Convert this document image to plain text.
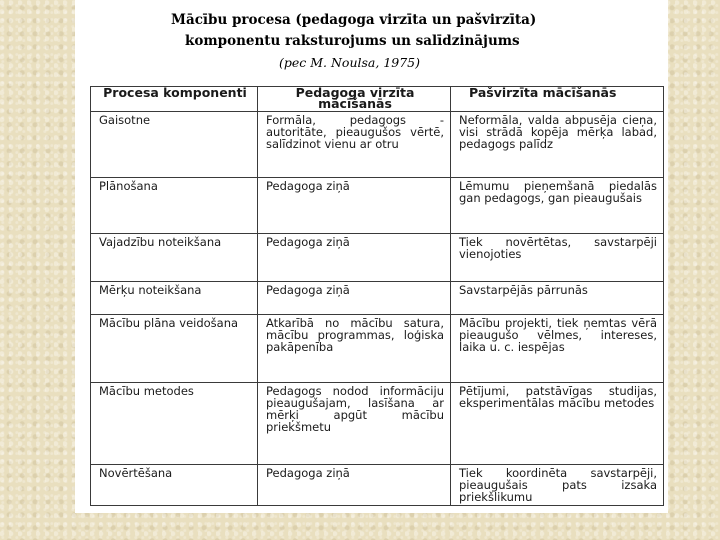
Mācību procesa (pedagoga virzīta un pašvirzīta)
komponentu raksturojums un salīdzinājums
(pec M. Noulsa, 1975)
Procesa komponenti	Pedagoga virzīta mācīšanās	Pašvirzīta mācīšanās
Gaisotne	Formāla, pedagogs - autoritāte, pieaugušos vērtē, salīdzinot vienu ar otru	Neformāla, valda abpusēja cieņa, visi strādā kopēja mērķa labad, pedagogs palīdz
Plānošana	Pedagoga ziņā	Lēmumu pieņemšanā piedalās gan pedagogs, gan pieaugušais
Vajadzību noteikšana	Pedagoga ziņā	Tiek novērtētas, savstarpēji vienojoties
Mērķu noteikšana	Pedagoga ziņā	Savstarpējās pārrunās
Mācību plāna veidošana	Atkarībā no mācību satura, mācību programmas, loģiska pakāpenība	Mācību projekti, tiek ņemtas vērā pieaugušo vēlmes, intereses, laika u. c. iespējas
Mācību metodes	Pedagogs nodod informāciju pieaugušajam, lasīšana ar mērķi apgūt mācību priekšmetu	Pētījumi, patstāvīgas studijas, eksperimentālas mācību metodes
Novērtēšana	Pedagoga ziņā	Tiek koordinēta savstarpēji, pieaugušais pats izsaka priekšlikumu
